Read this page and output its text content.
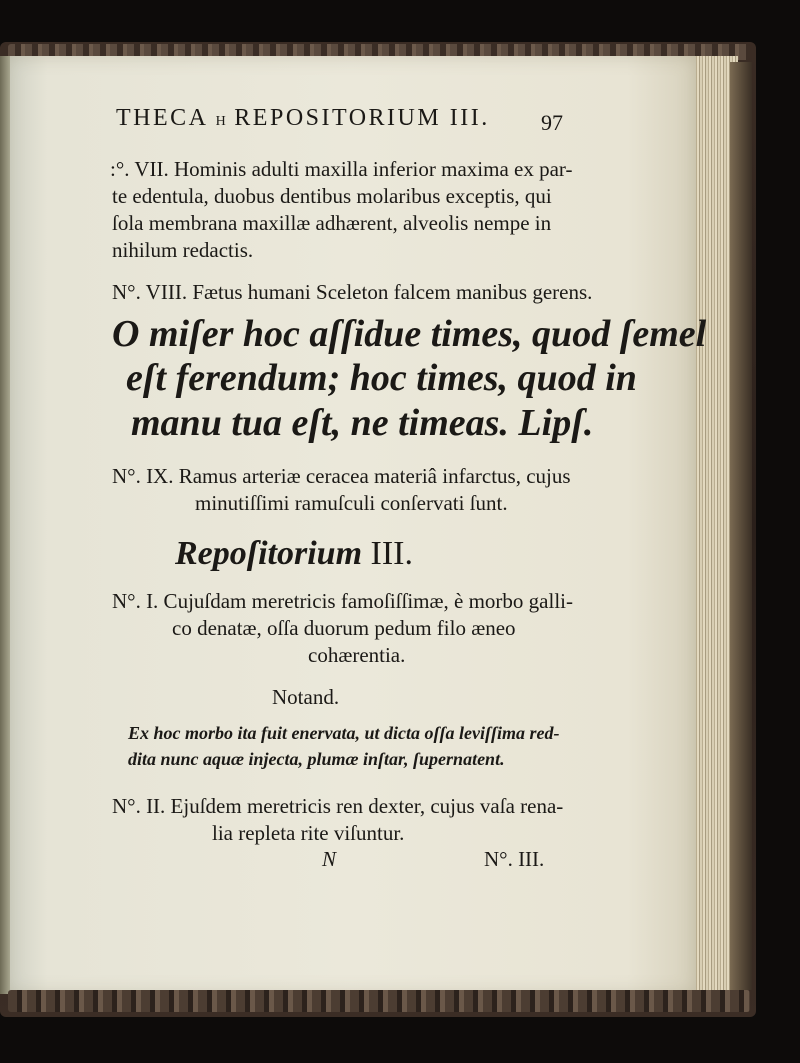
THECA H REPOSITORIUM III. 97
:°. VII. Hominis adulti maxilla inferior maxima ex par-
te edentula, duobus dentibus molaribus exceptis, qui
ſola membrana maxillæ adhærent, alveolis nempe in
nihilum redactis.
N°. VIII. Fætus humani Sceleton falcem manibus gerens.
O miſer hoc aſſidue times, quod ſemel
eſt ferendum; hoc times, quod in
manu tua eſt, ne timeas. Lipſ.
N°. IX. Ramus arteriæ ceracea materiâ infarctus, cujus
minutiſſimi ramuſculi conſervati ſunt.
Repoſitorium III.
N°. I. Cujuſdam meretricis famoſiſſimæ, è morbo galli-
co denatæ, oſſa duorum pedum filo æneo
cohærentia.
Notand.
Ex hoc morbo ita fuit enervata, ut dicta oſſa leviſſima red-
dita nunc aquæ injecta, plumæ inſtar, ſupernatent.
N°. II. Ejuſdem meretricis ren dexter, cujus vaſa rena-
lia repleta rite viſuntur.
N	N°. III.
